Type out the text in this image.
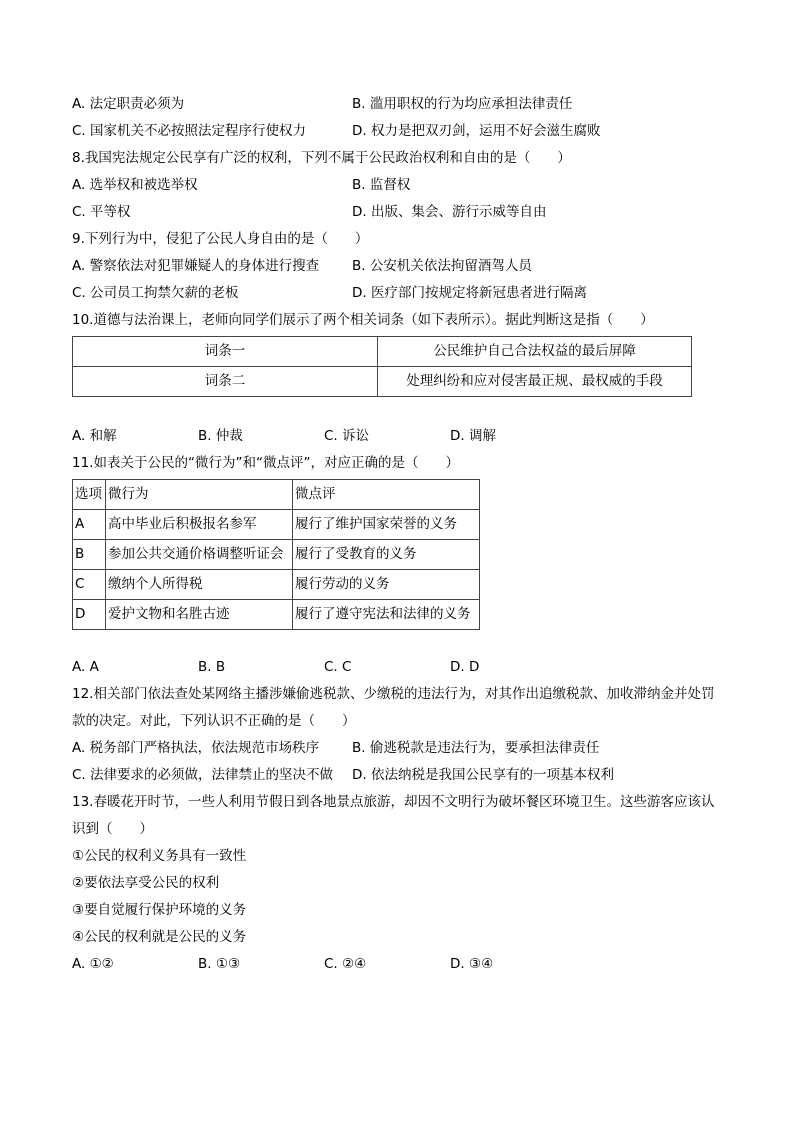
A. 法定职责必须为	B. 滥用职权的行为均应承担法律责任
C. 国家机关不必按照法定程序行使权力	D. 权力是把双刃剑，运用不好会滋生腐败
8.我国宪法规定公民享有广泛的权利，下列不属于公民政治权利和自由的是（　　）
A. 选举权和被选举权	B. 监督权
C. 平等权	D. 出版、集会、游行示威等自由
9.下列行为中，侵犯了公民人身自由的是（　　）
A. 警察依法对犯罪嫌疑人的身体进行搜查	B. 公安机关依法拘留酒驾人员
C. 公司员工拘禁欠薪的老板	D. 医疗部门按规定将新冠患者进行隔离
10.道德与法治课上，老师向同学们展示了两个相关词条（如下表所示）。据此判断这是指（　　）
词条一	公民维护自己合法权益的最后屏障
词条二	处理纠纷和应对侵害最正规、最权威的手段
A. 和解	B. 仲裁	C. 诉讼	D. 调解
11.如表关于公民的“微行为”和“微点评”，对应正确的是（　　）
选项	微行为	微点评
A	高中毕业后积极报名参军	履行了维护国家荣誉的义务
B	参加公共交通价格调整听证会	履行了受教育的义务
C	缴纳个人所得税	履行劳动的义务
D	爱护文物和名胜古迹	履行了遵守宪法和法律的义务
A. A	B. B	C. C	D. D
12.相关部门依法查处某网络主播涉嫌偷逃税款、少缴税的违法行为，对其作出追缴税款、加收滞纳金并处罚款的决定。对此，下列认识不正确的是（　　）
A. 税务部门严格执法，依法规范市场秩序	B. 偷逃税款是违法行为，要承担法律责任
C. 法律要求的必须做，法律禁止的坚决不做	D. 依法纳税是我国公民享有的一项基本权利
13.春暖花开时节，一些人利用节假日到各地景点旅游，却因不文明行为破坏餐区环境卫生。这些游客应该认识到（　　）
①公民的权利义务具有一致性
②要依法享受公民的权利
③要自觉履行保护环境的义务
④公民的权利就是公民的义务
A. ①②	B. ①③	C. ②④	D. ③④
